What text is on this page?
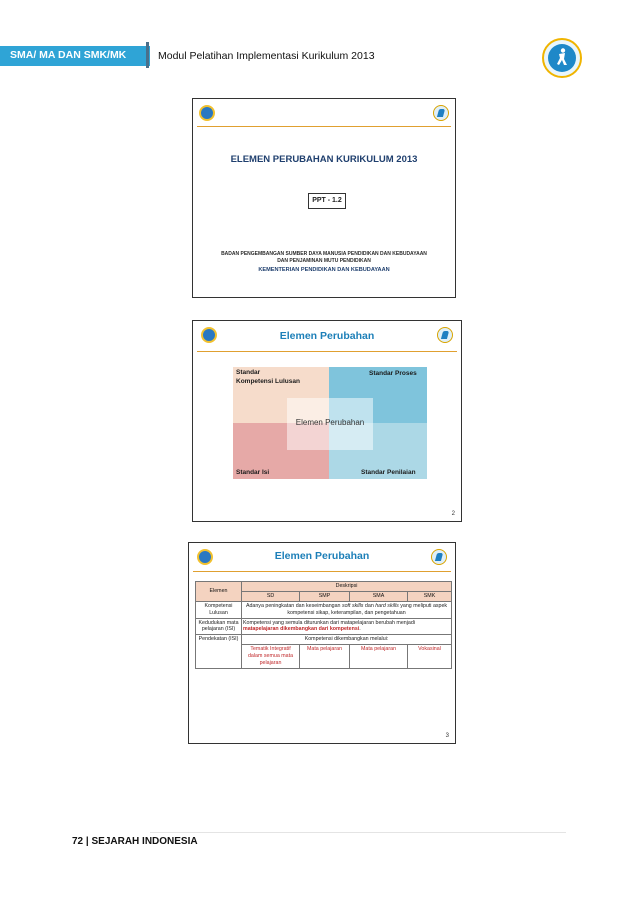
SMA/ MA DAN SMK/MK	Modul Pelatihan Implementasi Kurikulum 2013
ELEMEN PERUBAHAN KURIKULUM 2013
PPT - 1.2
BADAN PENGEMBANGAN SUMBER DAYA MANUSIA PENDIDIKAN DAN KEBUDAYAAN
DAN PENJAMINAN MUTU PENDIDIKAN
KEMENTERIAN PENDIDIKAN DAN KEBUDAYAAN
Elemen Perubahan
Standar
Kompetensi Lulusan
Standar Proses
Standar Isi	Standar Penilaian
Elemen Perubahan
2
Elemen Perubahan
Elemen	Deskripsi			
	SD	SMP	SMA	SMK
Kompetensi Lulusan	Adanya peningkatan dan keseimbangan soft skills dan hard skills yang meliputi aspek kompetensi sikap, keterampilan, dan pengetahuan			
Kedudukan mata pelajaran (ISI)	Kompetensi yang semula diturunkan dari matapelajaran berubah menjadi matapelajaran dikembangkan dari kompetensi.			
Pendekatan (ISI)	Kompetensi dikembangkan melalui:			
	Tematik Integratif dalam semua mata pelajaran	Mata pelajaran	Mata pelajaran	Vokasinal
3
72 | SEJARAH INDONESIA
